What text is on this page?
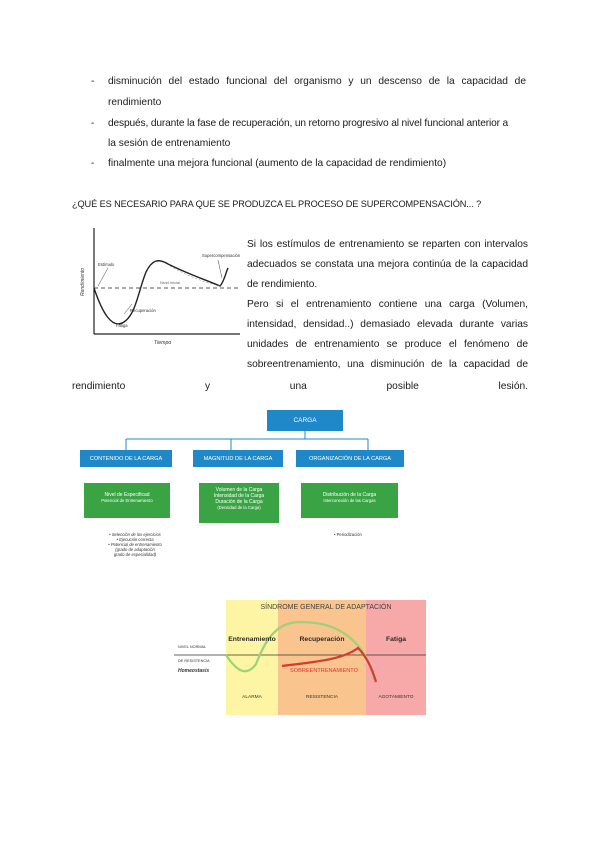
- disminución del estado funcional del organismo y un descenso de la capacidad de
rendimiento
- después, durante la fase de recuperación, un retorno progresivo al nivel funcional anterior a
la sesión de entrenamiento
- finalmente una mejora funcional (aumento de la capacidad de rendimiento)
¿QUÉ ES NECESARIO PARA QUE SE PRODUZCA EL PROCESO DE SUPERCOMPENSACIÓN... ?
Rendimiento
Tiempo
Estímulo
Supercompensación
Nivel inicial
Recuperación
Fatiga
Si los estímulos de entrenamiento se reparten con intervalos
adecuados se constata una mejora continúa de la capacidad
de rendimiento.
Pero si el entrenamiento contiene una carga (Volumen,
intensidad, densidad..) demasiado elevada durante varias
unidades de entrenamiento se produce el fenómeno de
sobreentrenamiento, una disminución de la capacidad de
rendimiento y una posible lesión.
CARGA
CONTENIDO DE LA CARGA	MAGNITUD DE LA CARGA	ORGANIZACIÓN DE LA CARGA
Nivel de Especificad
Potencial de Entrenamiento
Volumen de la Carga
Intensidad de la Carga
Duración de la Carga
(Densidad de la Carga)
Distribución de la Carga
Interconexión de las Cargas
• Selección de los ejercicios
• Ejecución correcta
• Potencial de entrenamiento
(grado de adaptación
grado de especialidad)
• Periodización
SÍNDROME GENERAL DE ADAPTACIÓN
Entrenamiento	Recuperación	Fatiga
NIVEL NORMAL
DE RESISTENCIA
Homeostasis	SOBREENTRENAMIENTO
ALARMA	RESISTENCIA	AGOTAMIENTO
